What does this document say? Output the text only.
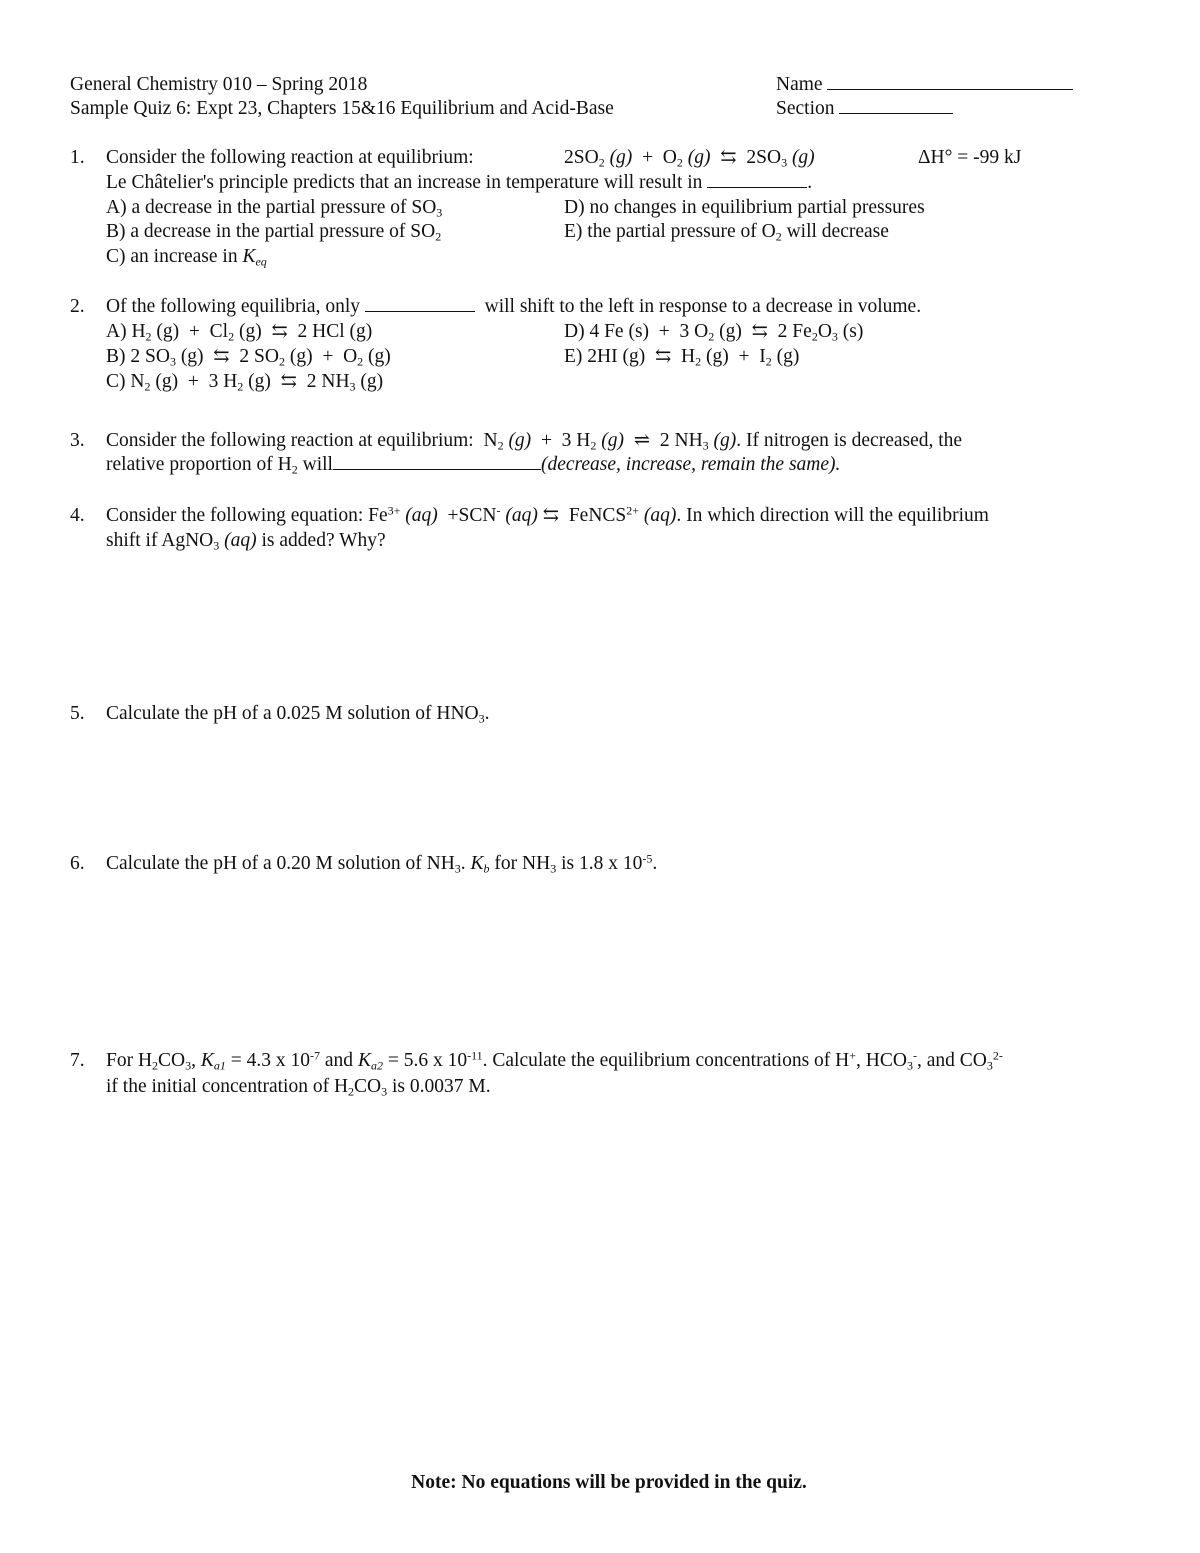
General Chemistry 010 – Spring 2018
Sample Quiz 6: Expt 23, Chapters 15&16 Equilibrium and Acid-Base
Name
Section
1. Consider the following reaction at equilibrium:	$2SO_2$ $(g) + O_2$ (g)  ⇆  $2SO_3$ (g)	ΔH° = -99 kJ
Le Châtelier's principle predicts that an increase in temperature will result in	.
A) a decrease in the partial pressure of $SO_3$
B) a decrease in the partial pressure of $SO_2$
C) an increase in $K_{eq}$
D) no changes in equilibrium partial pressures
E) the partial pressure of $O_2$ will decrease
2. Of the following equilibria, only	will shift to the left in response to a decrease in volume.
A) $H_2$ $(g) + Cl_2$ (g)  ⇆  2 HCl (g)
B) 2 $SO_3$ (g)  ⇆  2 $SO_2$ $(g) + O_2$ (g)
C) $N_2$ (g)  +  3 $H_2$ (g)  ⇆  2 $NH_3$ (g)
D) 4 Fe (s)  +  3 $O_2$ (g)  ⇆  2 $Fe_2O_3$ (s)
E) 2HI (g)  ⇆  $H_2$ $(g) + I_2$ (g)
3. Consider the following reaction at equilibrium:  $N_2$ (g)  +  3 $H_2$ (g)  ⇌  2 $NH_3$ (g). If nitrogen is decreased, the
relative proportion of $H_2$ will	(decrease, increase, remain the same).
4. Consider the following equation: $Fe^{3+}$ (aq)  +SCN- (aq) ⇆  FeNCS$^{2+}$ (aq). In which direction will the equilibrium
shift if AgNO$_3$ (aq) is added? Why?
5. Calculate the pH of a 0.025 M solution of $HNO_3$.
6. Calculate the pH of a 0.20 M solution of $NH_3$. $K_b$ for $NH_3$ is 1.8 x $10^{-5}$.
7. For $H_2CO_3$, $K_{a1} = 4.3$ x $10^{-7}$ and $K_{a2} = 5.6$ x $10^{-11}$. Calculate the equilibrium concentrations of H+, $HCO_3^-$, and $CO_3^{2-}$
if the initial concentration of $H_2CO_3$ is 0.0037 M.
Note: No equations will be provided in the quiz.
